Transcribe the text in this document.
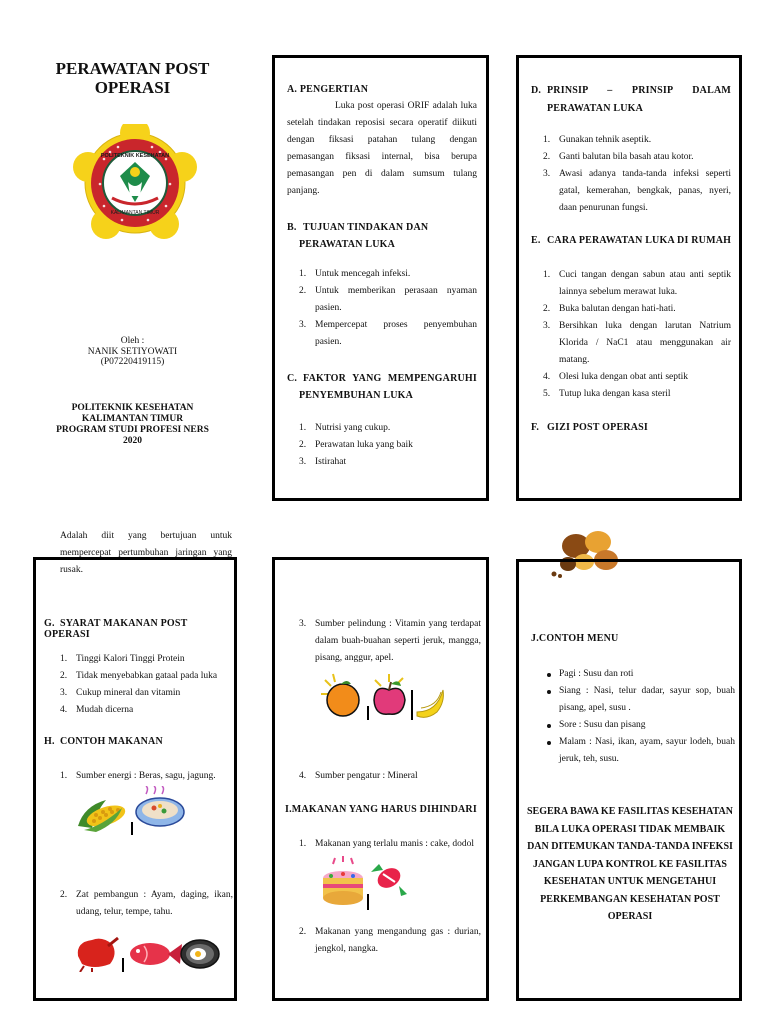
PERAWATAN POST
OPERASI
POLITEKNIK KESEHATAN
KALIMANTAN TIMUR
Oleh :
NANIK SETIYOWATI
(P07220419115)
POLITEKNIK KESEHATAN
KALIMANTAN TIMUR
PROGRAM STUDI PROFESI NERS
2020
A. PENGERTIAN
Luka post operasi ORIF adalah luka setelah tindakan reposisi secara operatif diikuti dengan fiksasi patahan tulang dengan pemasangan fiksasi internal, bisa berupa pemasangan pen di dalam sumsum tulang panjang.
B. TUJUAN TINDAKAN DAN
PERAWATAN LUKA
1. Untuk mencegah infeksi.
2. Untuk memberikan perasaan nyaman pasien.
3. Mempercepat proses penyembuhan pasien.
C. FAKTOR YANG MEMPENGARUHI
PENYEMBUHAN LUKA
1. Nutrisi yang cukup.
2. Perawatan luka yang baik
3. Istirahat
D. PRINSIP – PRINSIP DALAM
PERAWATAN LUKA
1. Gunakan tehnik aseptik.
2. Ganti balutan bila basah atau kotor.
3. Awasi adanya tanda-tanda infeksi seperti gatal, kemerahan, bengkak, panas, nyeri, daan penurunan fungsi.
E. CARA PERAWATAN LUKA DI RUMAH
1. Cuci tangan dengan sabun atau anti septik lainnya sebelum merawat luka.
2. Buka balutan dengan hati-hati.
3. Bersihkan luka dengan larutan Natrium Klorida / NaC1 atau menggunakan air matang.
4. Olesi luka dengan obat anti septik
5. Tutup luka dengan kasa steril
F. GIZI POST OPERASI
Adalah diit yang bertujuan untuk mempercepat pertumbuhan jaringan yang rusak.
G. SYARAT MAKANAN POST OPERASI
1. Tinggi Kalori Tinggi Protein
2. Tidak menyebabkan gataal pada luka
3. Cukup mineral dan vitamin
4. Mudah dicerna
H. CONTOH MAKANAN
1. Sumber energi : Beras, sagu, jagung.
2. Zat pembangun : Ayam, daging, ikan, udang, telur, tempe, tahu.
3. Sumber pelindung : Vitamin yang terdapat dalam buah-buahan seperti jeruk, mangga, pisang, anggur, apel.
4. Sumber pengatur : Mineral
I.MAKANAN YANG HARUS DIHINDARI
1. Makanan yang terlalu manis : cake, dodol
2. Makanan yang mengandung gas : durian, jengkol, nangka.
J.CONTOH MENU
Pagi : Susu dan roti
Siang : Nasi, telur dadar, sayur sop, buah pisang, apel, susu .
Sore : Susu dan pisang
Malam : Nasi, ikan, ayam, sayur lodeh, buah jeruk, teh, susu.
SEGERA BAWA KE FASILITAS KESEHATAN
BILA LUKA OPERASI TIDAK MEMBAIK
DAN DITEMUKAN TANDA-TANDA INFEKSI
JANGAN LUPA KONTROL KE FASILITAS
KESEHATAN UNTUK MENGETAHUI
PERKEMBANGAN KESEHATAN POST
OPERASI
